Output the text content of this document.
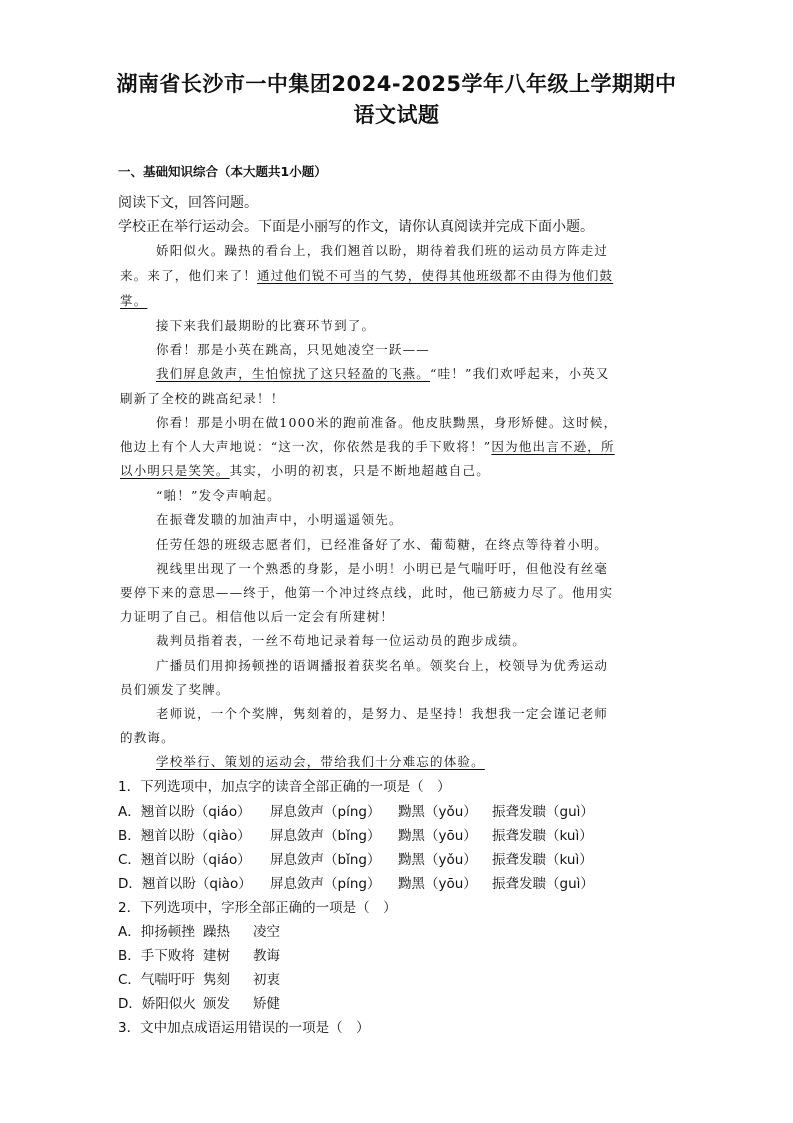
湖南省长沙市一中集团2024-2025学年八年级上学期期中
语文试题
一、基础知识综合（本大题共1小题）
阅读下文，回答问题。
学校正在举行运动会。下面是小丽写的作文，请你认真阅读并完成下面小题。
娇阳似火。躁热的看台上，我们翘首以盼，期待着我们班的运动员方阵走过
来。来了，他们来了！通过他们锐不可当的气势，使得其他班级都不由得为他们鼓
掌。
接下来我们最期盼的比赛环节到了。
你看！那是小英在跳高，只见她凌空一跃——
我们屏息敛声，生怕惊扰了这只轻盈的飞燕。“哇！”我们欢呼起来，小英又
刷新了全校的跳高纪录！！
你看！那是小明在做1000米的跑前准备。他皮肤黝黑，身形矫健。这时候，
他边上有个人大声地说：“这一次，你依然是我的手下败将！”因为他出言不逊，所
以小明只是笑笑。其实，小明的初衷，只是不断地超越自己。
“啪！”发令声响起。
在振聋发聩的加油声中，小明遥遥领先。
任劳任怨的班级志愿者们，已经准备好了水、葡萄糖，在终点等待着小明。
视线里出现了一个熟悉的身影，是小明！小明已是气喘吁吁，但他没有丝毫
要停下来的意思——终于，他第一个冲过终点线，此时，他已筋疲力尽了。他用实
力证明了自己。相信他以后一定会有所建树！
裁判员指着表，一丝不苟地记录着每一位运动员的跑步成绩。
广播员们用抑扬顿挫的语调播报着获奖名单。领奖台上，校领导为优秀运动
员们颁发了奖牌。
老师说，一个个奖牌，隽刻着的，是努力、是坚持！我想我一定会谨记老师
的教诲。
学校举行、策划的运动会，带给我们十分难忘的体验。
1．下列选项中，加点字的读音全部正确的一项是（　）
A．翘首以盼（qiáo） 屏息敛声（píng） 黝黑（yǒu） 振聋发聩（guì）
B．翘首以盼（qiào） 屏息敛声（bǐng） 黝黑（yōu） 振聋发聩（kuì）
C．翘首以盼（qiáo） 屏息敛声（bǐng） 黝黑（yǒu） 振聋发聩（kuì）
D．翘首以盼（qiào） 屏息敛声（píng） 黝黑（yōu） 振聋发聩（guì）
2．下列选项中，字形全部正确的一项是（　）
A．抑扬顿挫 躁热 凌空
B．手下败将 建树 教诲
C．气喘吁吁 隽刻 初衷
D．娇阳似火 颁发 矫健
3．文中加点成语运用错误的一项是（　）
